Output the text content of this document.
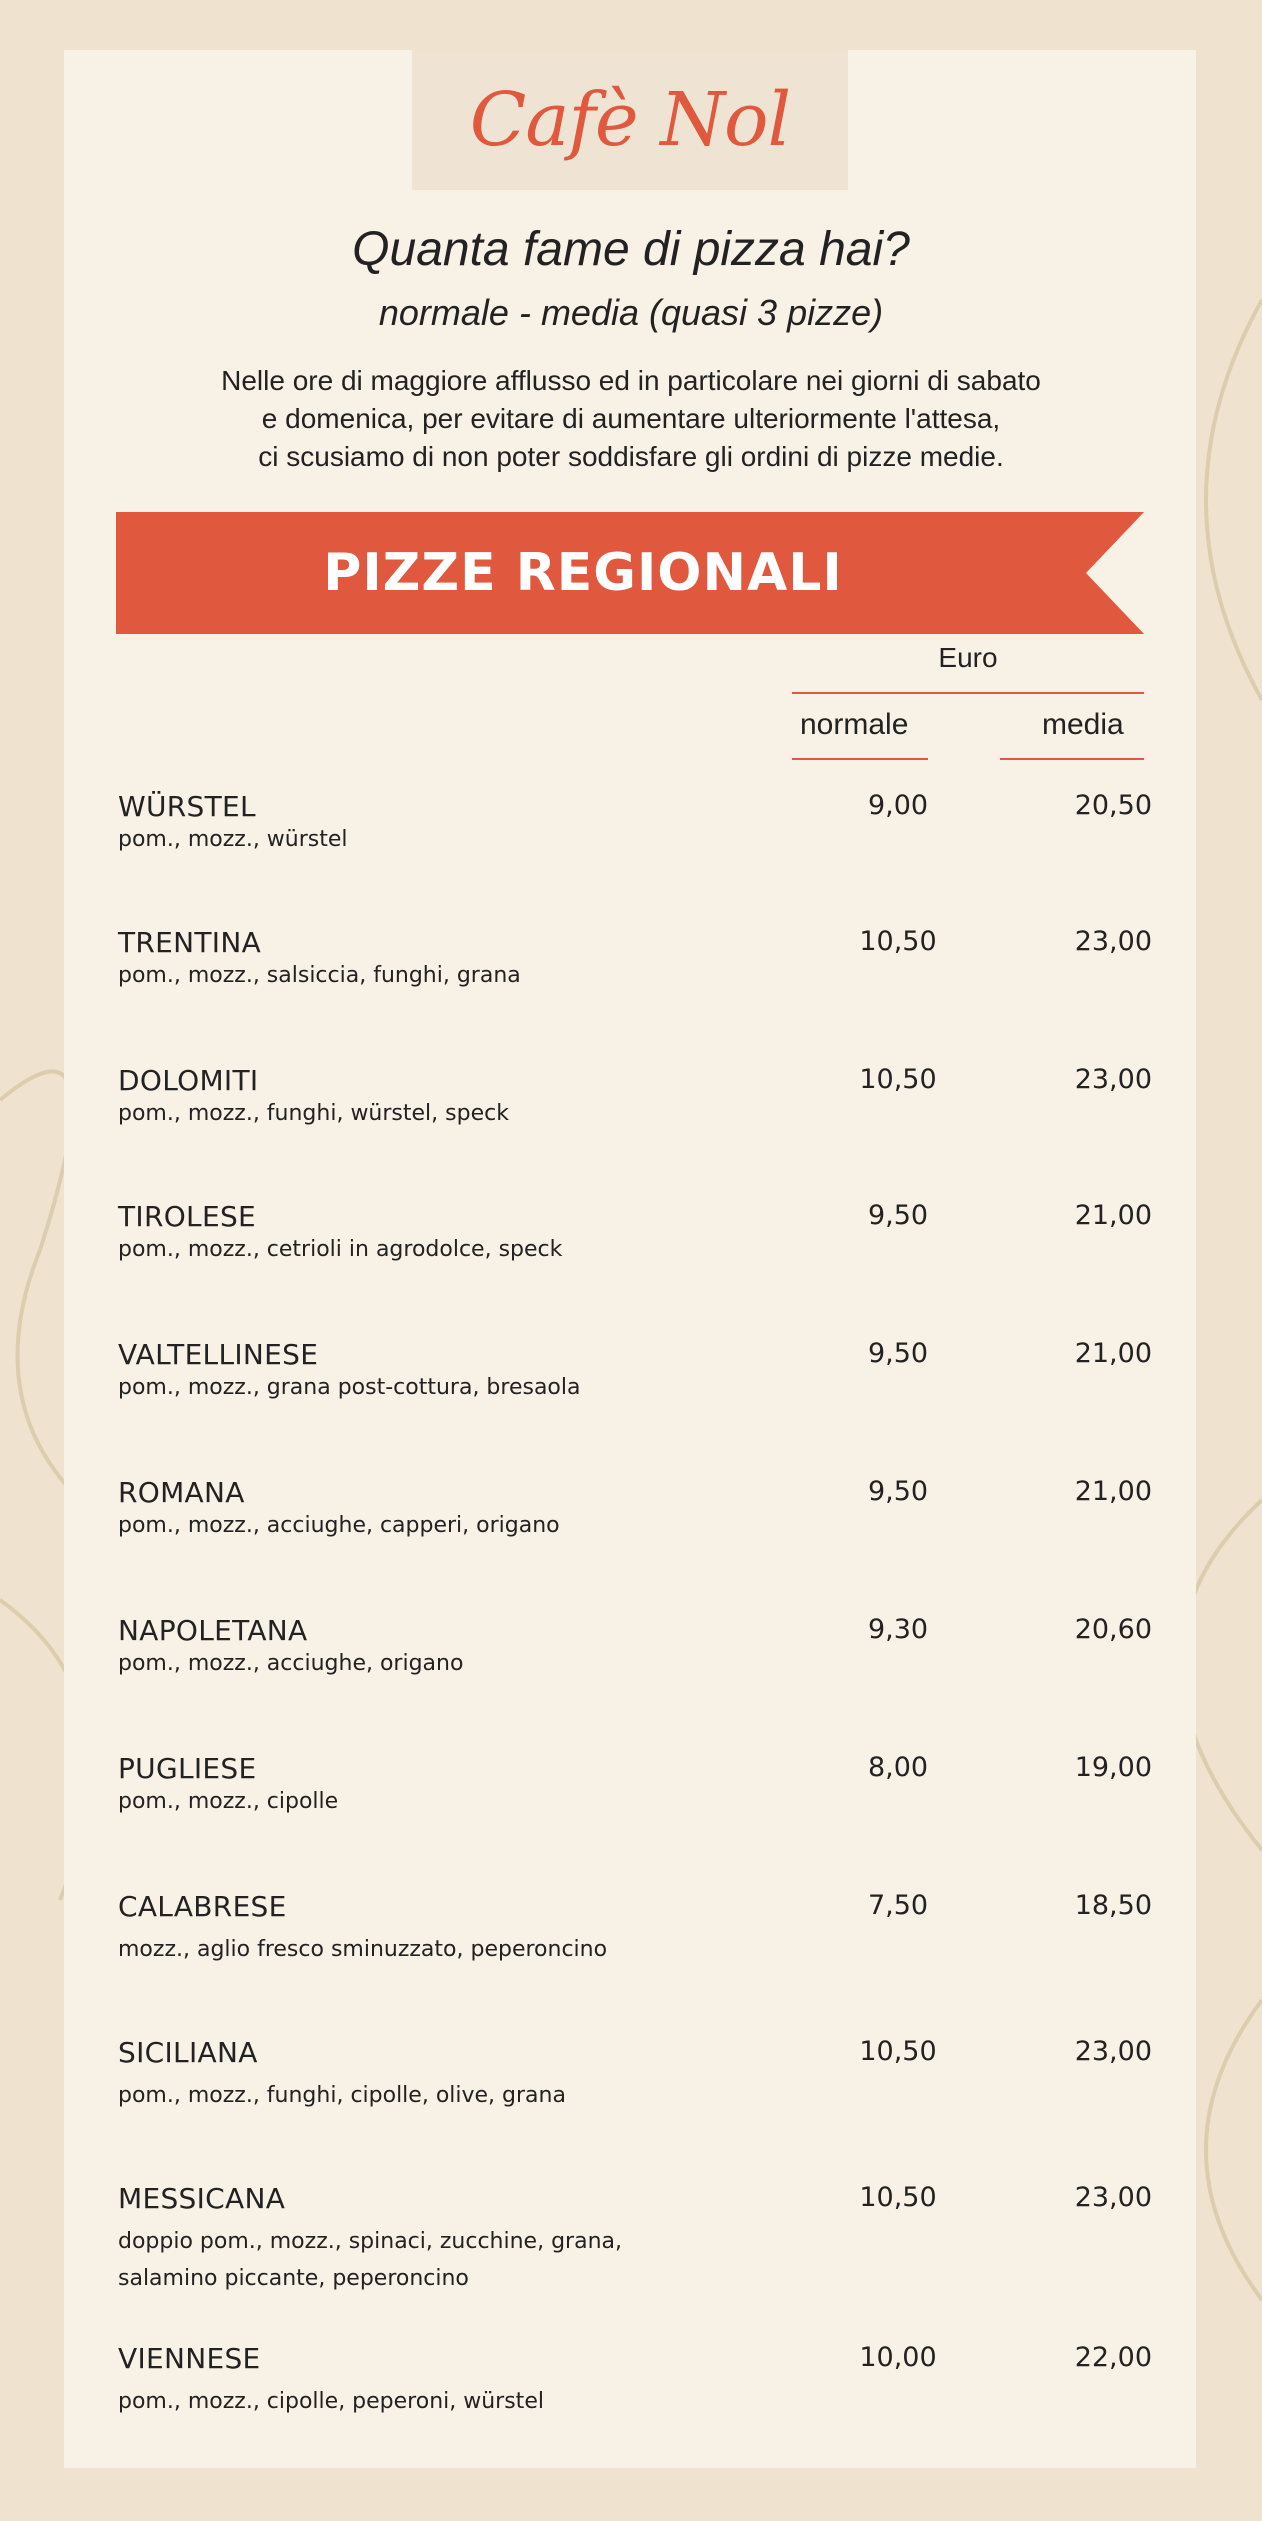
Cafè Nol
Quanta fame di pizza hai?
normale - media (quasi 3 pizze)
Nelle ore di maggiore afflusso ed in particolare nei giorni di sabato
e domenica, per evitare di aumentare ulteriormente l'attesa,
ci scusiamo di non poter soddisfare gli ordini di pizze medie.
PIZZE REGIONALI
Euro
normale	media
WÜRSTEL
pom., mozz., würstel
9,00	20,50
TRENTINA
pom., mozz., salsiccia, funghi, grana
10,50	23,00
DOLOMITI
pom., mozz., funghi, würstel, speck
10,50	23,00
TIROLESE
pom., mozz., cetrioli in agrodolce, speck
9,50	21,00
VALTELLINESE
pom., mozz., grana post-cottura, bresaola
9,50	21,00
ROMANA
pom., mozz., acciughe, capperi, origano
9,50	21,00
NAPOLETANA
pom., mozz., acciughe, origano
9,30	20,60
PUGLIESE
pom., mozz., cipolle
8,00	19,00
CALABRESE
mozz., aglio fresco sminuzzato, peperoncino
7,50	18,50
SICILIANA
pom., mozz., funghi, cipolle, olive, grana
10,50	23,00
MESSICANA
doppio pom., mozz., spinaci, zucchine, grana,
salamino piccante, peperoncino
10,50	23,00
VIENNESE
pom., mozz., cipolle, peperoni, würstel
10,00	22,00
